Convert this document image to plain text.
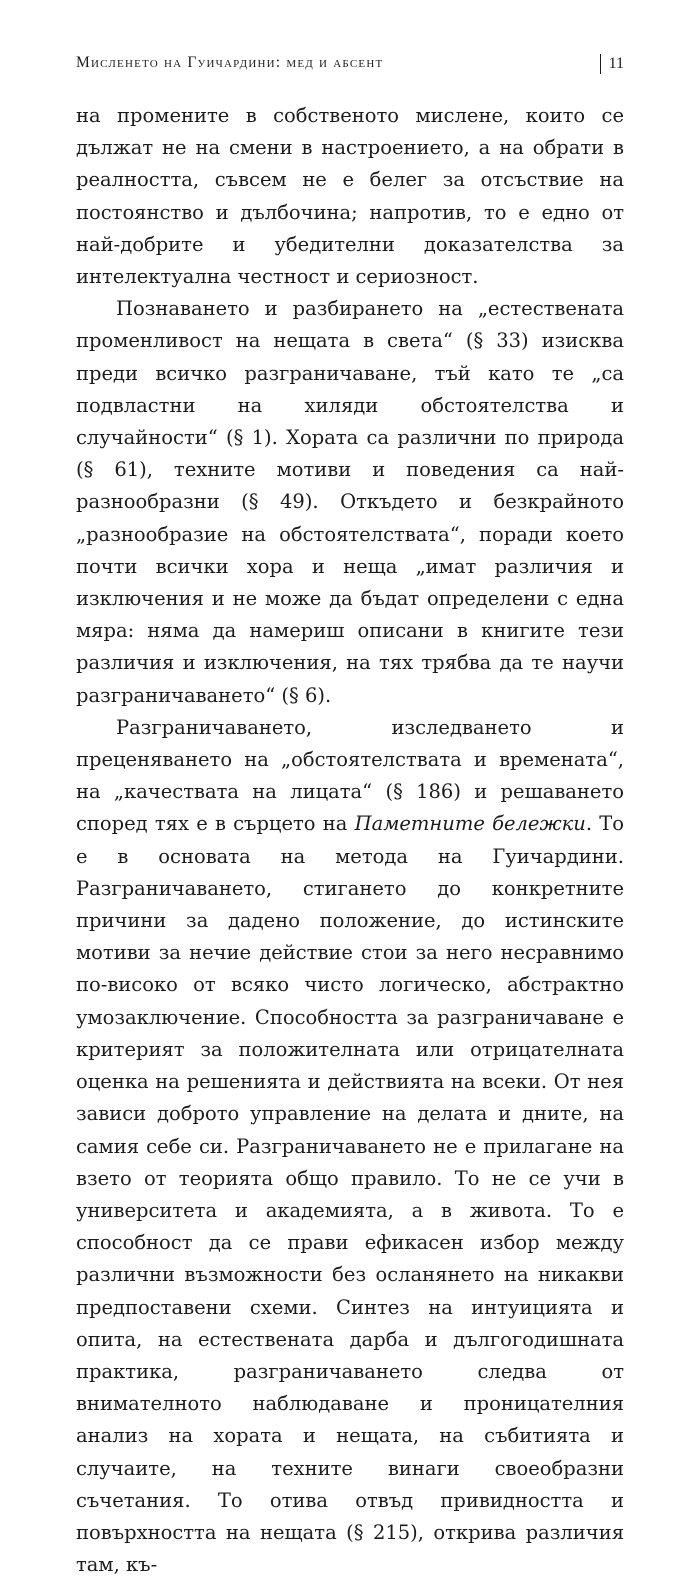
Мисленето на Гуичардини: мед и абсент	11

на промените в собственото мислене, които се дължат не на смени в настроението, а на обрати в реалността, съвсем не е белег за отсъствие на постоянство и дълбочина; напротив, то е едно от най-добрите и убедителни доказателства за интелектуална честност и сериозност.

Познаването и разбирането на „естествената променливост на нещата в света“ (§ 33) изисква преди всичко разграничаване, тъй като те „са подвластни на хиляди обстоятелства и случайности“ (§ 1). Хората са различни по природа (§ 61), техните мотиви и поведения са най-разнообразни (§ 49). Откъдето и безкрайното „разнообразие на обстоятелствата“, поради което почти всички хора и неща „имат различия и изключения и не може да бъдат определени с една мяра: няма да намериш описани в книгите тези различия и изключения, на тях трябва да те научи разграничаването“ (§ 6).

Разграничаването, изследването и преценяването на „обстоятелствата и времената“, на „качествата на лицата“ (§ 186) и решаването според тях е в сърцето на Паметните бележки. То е в основата на метода на Гуичардини. Разграничаването, стигането до конкретните причини за дадено положение, до истинските мотиви за нечие действие стои за него несравнимо по-високо от всяко чисто логическо, абстрактно умозаключение. Способността за разграничаване е критерият за положителната или отрицателната оценка на решенията и действията на всеки. От нея зависи доброто управление на делата и дните, на самия себе си. Разграничаването не е прилагане на взето от теорията общо правило. То не се учи в университета и академията, а в живота. То е способност да се прави ефикасен избор между различни възможности без осланянето на никакви предпоставени схеми. Синтез на интуицията и опита, на естествената дарба и дългогодишната практика, разграничаването следва от внимателното наблюдаване и проницателния анализ на хората и нещата, на събитията и случаите, на техните винаги своеобразни съчетания. То отива отвъд привидността и повърхността на нещата (§ 215), открива различия там, къ-
